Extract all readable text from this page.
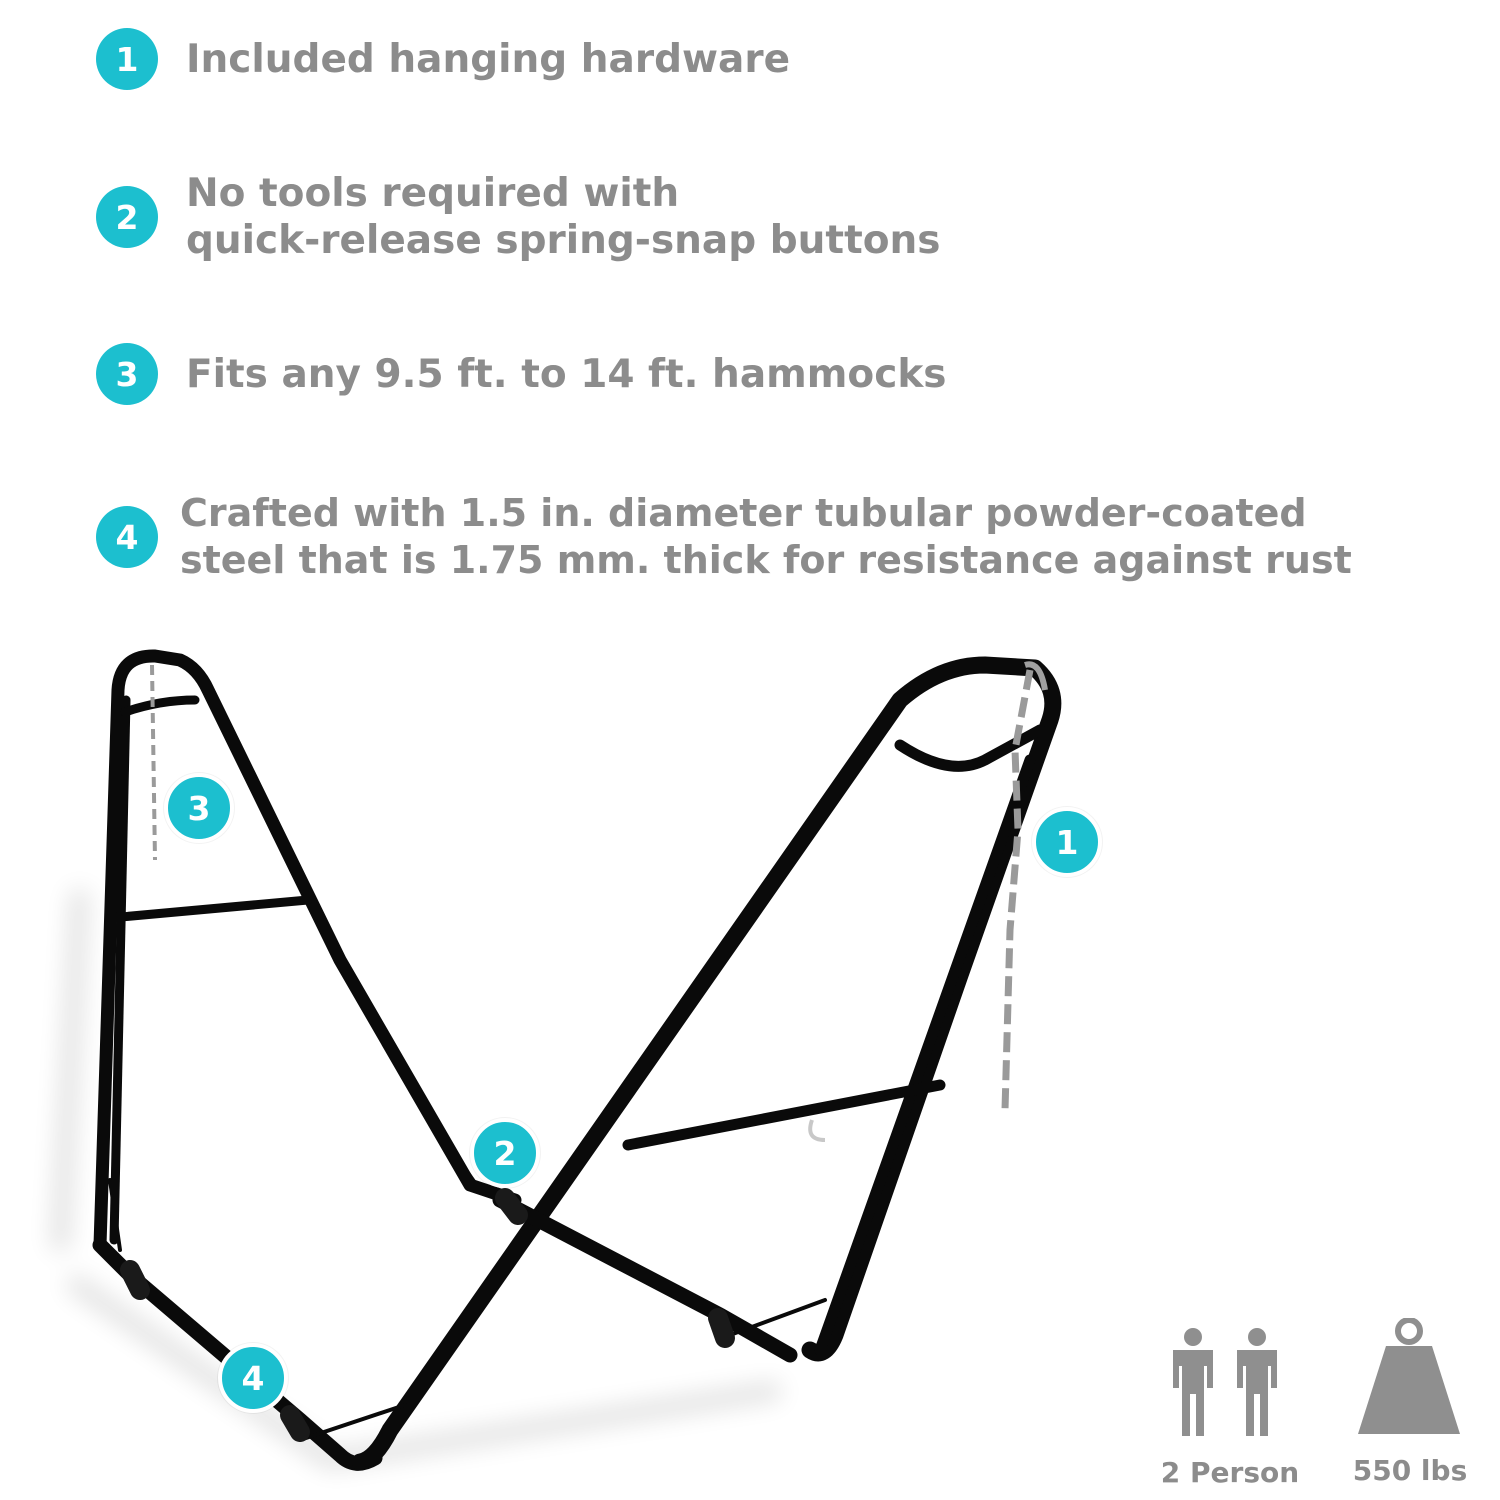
1	Included hanging hardware
2
No tools required with
quick-release spring-snap buttons
3	Fits any 9.5 ft. to 14 ft. hammocks
4
Crafted with 1.5 in. diameter tubular powder-coated
steel that is 1.75 mm. thick for resistance against rust
1
2
3
4
2 Person	550 lbs
